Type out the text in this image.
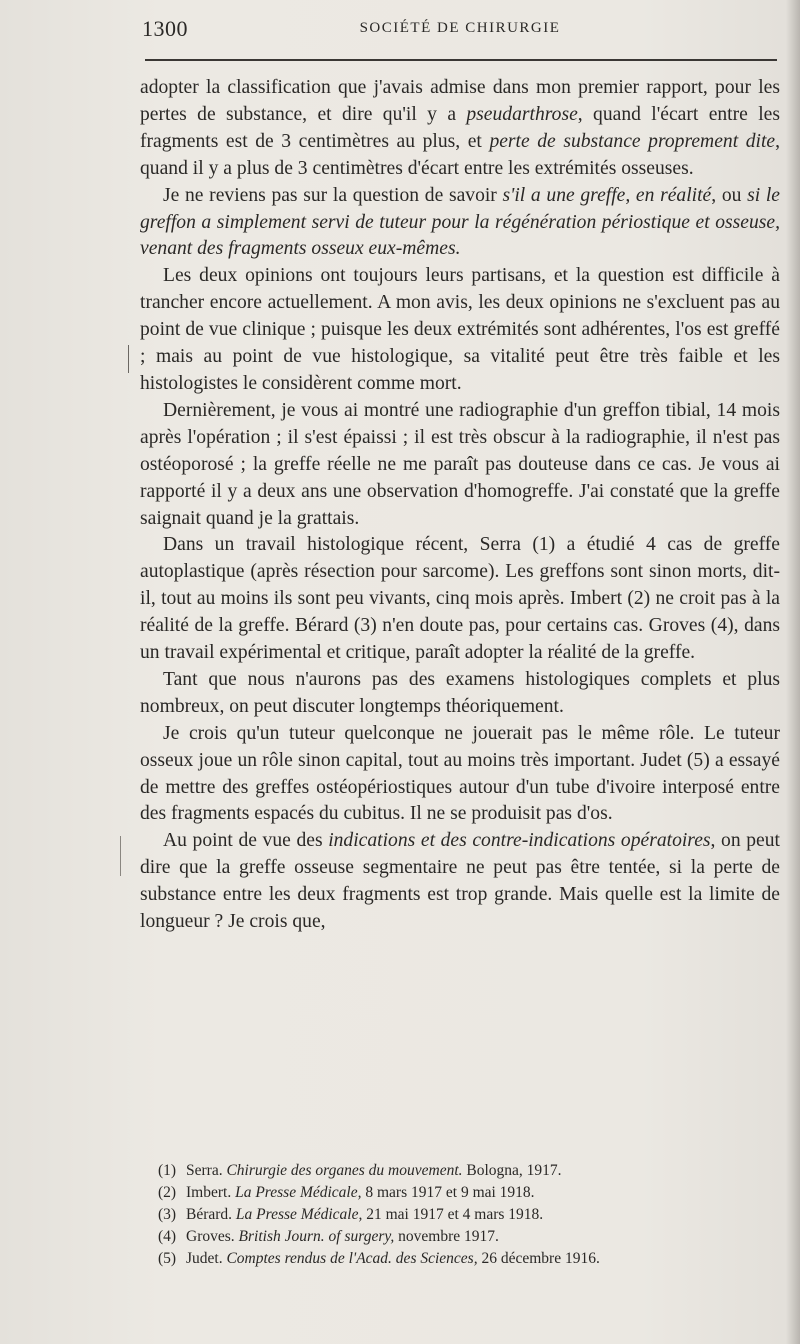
1300	SOCIÉTÉ DE CHIRURGIE

adopter la classification que j'avais admise dans mon premier rapport, pour les pertes de substance, et dire qu'il y a pseudarthrose, quand l'écart entre les fragments est de 3 centimètres au plus, et perte de substance proprement dite, quand il y a plus de 3 centimètres d'écart entre les extrémités osseuses.

Je ne reviens pas sur la question de savoir s'il a une greffe, en réalité, ou si le greffon a simplement servi de tuteur pour la régénération périostique et osseuse, venant des fragments osseux eux-mêmes.

Les deux opinions ont toujours leurs partisans, et la question est difficile à trancher encore actuellement. A mon avis, les deux opinions ne s'excluent pas au point de vue clinique ; puisque les deux extrémités sont adhérentes, l'os est greffé ; mais au point de vue histologique, sa vitalité peut être très faible et les histologistes le considèrent comme mort.

Dernièrement, je vous ai montré une radiographie d'un greffon tibial, 14 mois après l'opération ; il s'est épaissi ; il est très obscur à la radiographie, il n'est pas ostéoporosé ; la greffe réelle ne me paraît pas douteuse dans ce cas. Je vous ai rapporté il y a deux ans une observation d'homogreffe. J'ai constaté que la greffe saignait quand je la grattais.

Dans un travail histologique récent, Serra (1) a étudié 4 cas de greffe autoplastique (après résection pour sarcome). Les greffons sont sinon morts, dit-il, tout au moins ils sont peu vivants, cinq mois après. Imbert (2) ne croit pas à la réalité de la greffe. Bérard (3) n'en doute pas, pour certains cas. Groves (4), dans un travail expérimental et critique, paraît adopter la réalité de la greffe.

Tant que nous n'aurons pas des examens histologiques complets et plus nombreux, on peut discuter longtemps théoriquement.

Je crois qu'un tuteur quelconque ne jouerait pas le même rôle. Le tuteur osseux joue un rôle sinon capital, tout au moins très important. Judet (5) a essayé de mettre des greffes ostéopériostiques autour d'un tube d'ivoire interposé entre des fragments espacés du cubitus. Il ne se produisit pas d'os.

Au point de vue des indications et des contre-indications opératoires, on peut dire que la greffe osseuse segmentaire ne peut pas être tentée, si la perte de substance entre les deux fragments est trop grande. Mais quelle est la limite de longueur ? Je crois que,

(1) Serra. Chirurgie des organes du mouvement. Bologna, 1917.
(2) Imbert. La Presse Médicale, 8 mars 1917 et 9 mai 1918.
(3) Bérard. La Presse Médicale, 21 mai 1917 et 4 mars 1918.
(4) Groves. British Journ. of surgery, novembre 1917.
(5) Judet. Comptes rendus de l'Acad. des Sciences, 26 décembre 1916.
